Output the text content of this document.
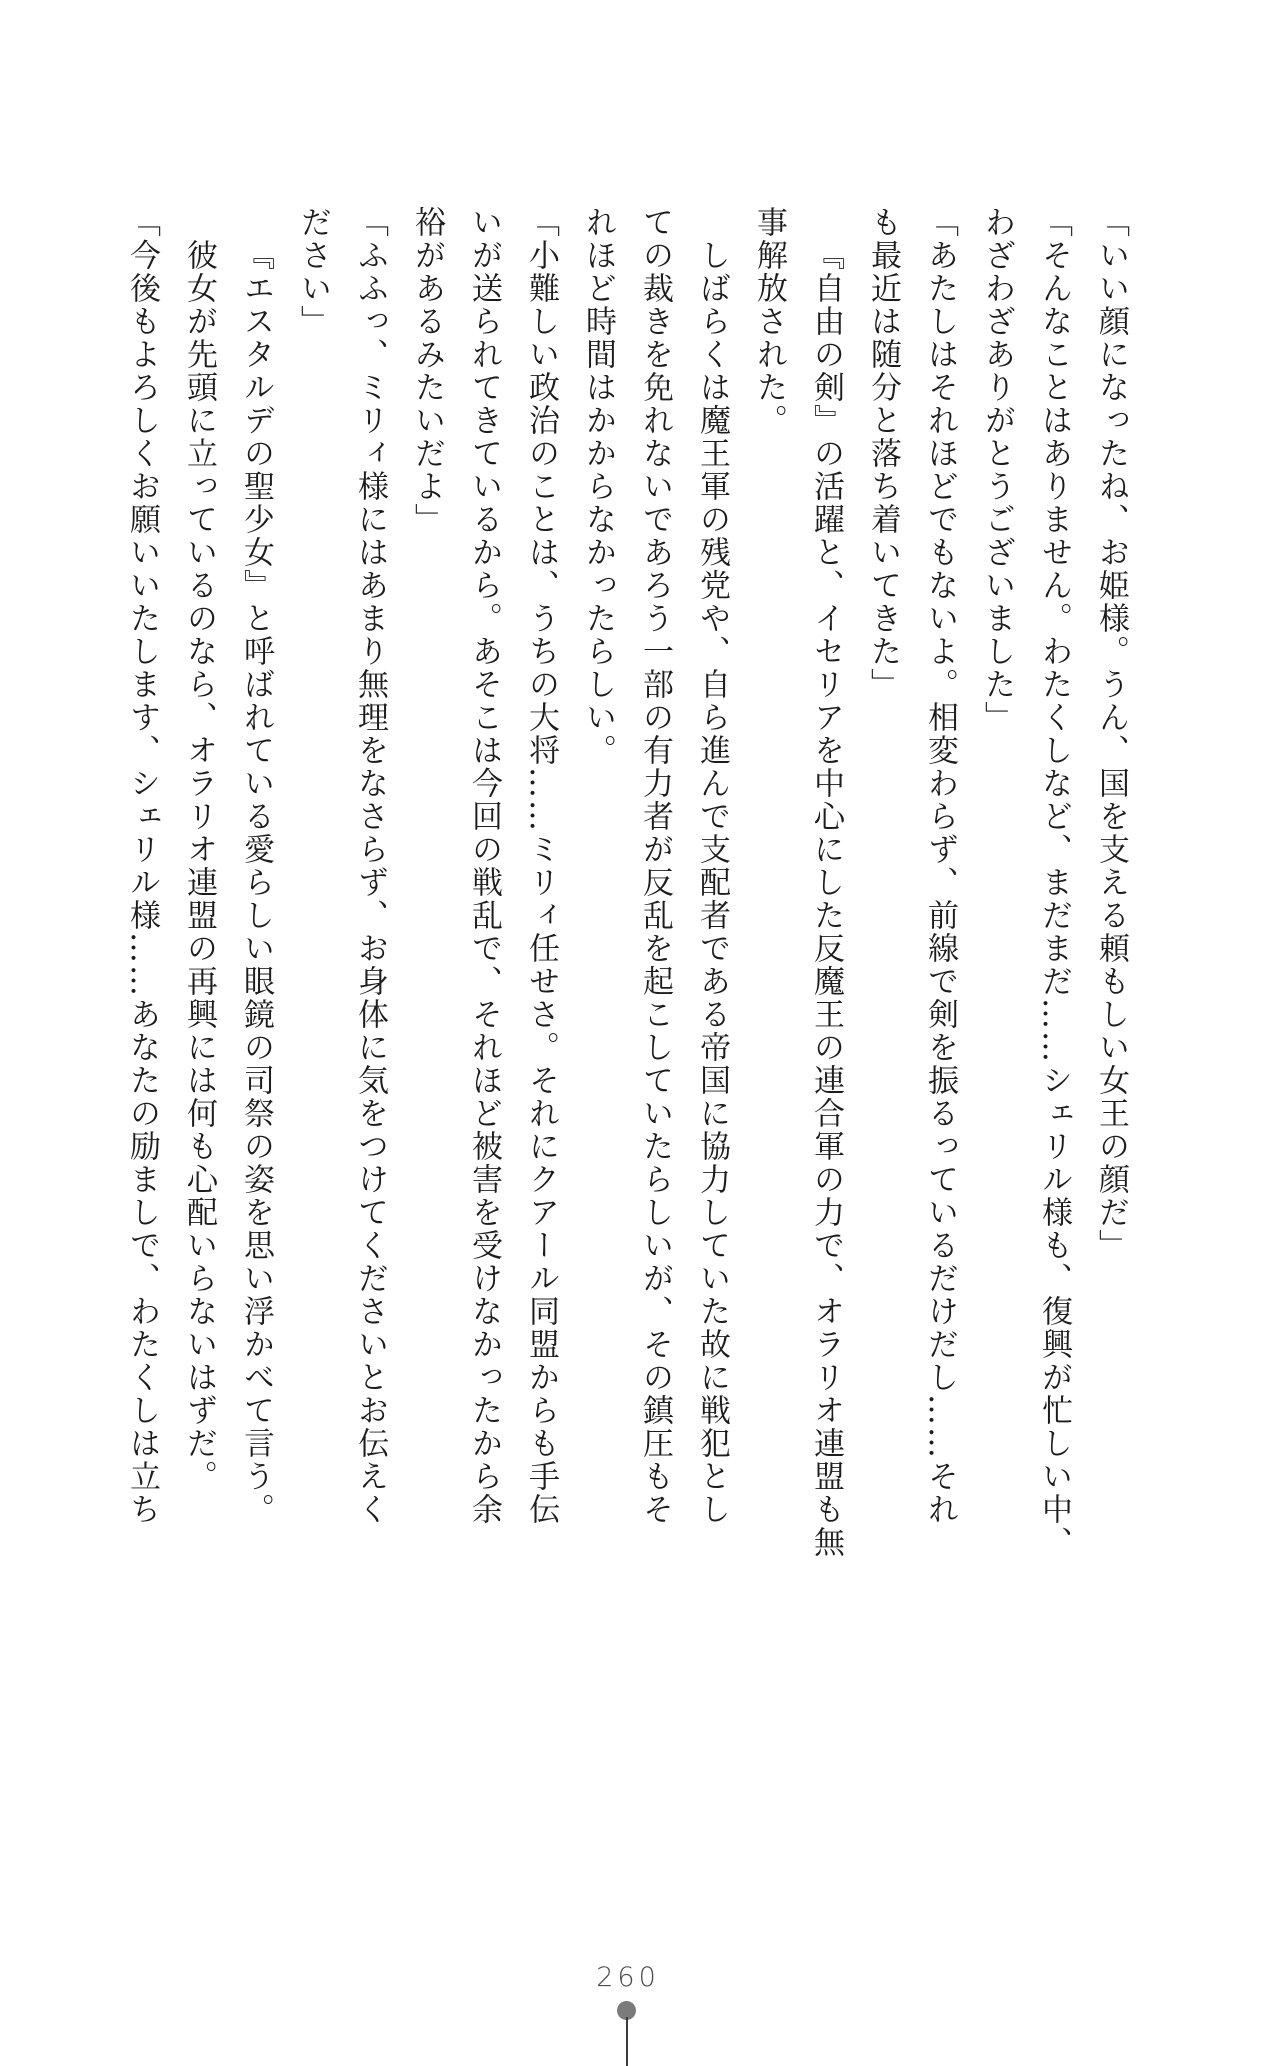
「いい顔になったね、お姫様。うん、国を支える頼もしい女王の顔だ」
「そんなことはありません。わたくしなど、まだまだ……シェリル様も、復興が忙しい中、
わざわざありがとうございました」
「あたしはそれほどでもないよ。相変わらず、前線で剣を振るっているだけだし……それ
も最近は随分と落ち着いてきた」
『自由の剣』の活躍と、イセリアを中心にした反魔王の連合軍の力で、オラリオ連盟も無
事解放された。
しばらくは魔王軍の残党や、自ら進んで支配者である帝国に協力していた故に戦犯とし
ての裁きを免れないであろう一部の有力者が反乱を起こしていたらしいが、その鎮圧もそ
れほど時間はかからなかったらしい。
「小難しい政治のことは、うちの大将……ミリィ任せさ。それにクアール同盟からも手伝
いが送られてきているから。あそこは今回の戦乱で、それほど被害を受けなかったから余
裕があるみたいだよ」
「ふふっ、ミリィ様にはあまり無理をなさらず、お身体に気をつけてくださいとお伝えく
ださい」
『エスタルデの聖少女』と呼ばれている愛らしい眼鏡の司祭の姿を思い浮かべて言う。
彼女が先頭に立っているのなら、オラリオ連盟の再興には何も心配いらないはずだ。
「今後もよろしくお願いいたします、シェリル様……あなたの励ましで、わたくしは立ち
260
